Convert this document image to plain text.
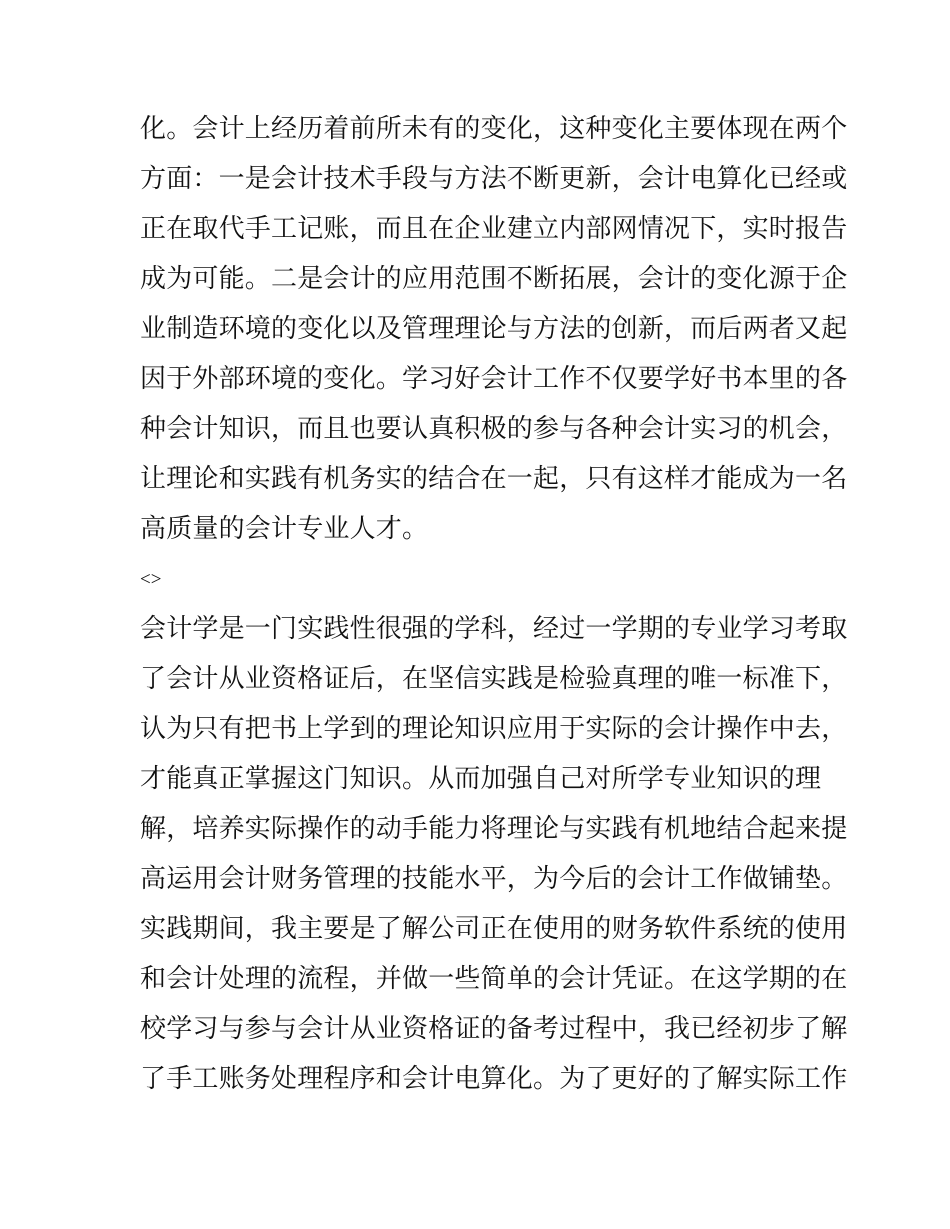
化。会计上经历着前所未有的变化，这种变化主要体现在两个
方面：一是会计技术手段与方法不断更新，会计电算化已经或
正在取代手工记账，而且在企业建立内部网情况下，实时报告
成为可能。二是会计的应用范围不断拓展，会计的变化源于企
业制造环境的变化以及管理理论与方法的创新，而后两者又起
因于外部环境的变化。学习好会计工作不仅要学好书本里的各
种会计知识，而且也要认真积极的参与各种会计实习的机会，
让理论和实践有机务实的结合在一起，只有这样才能成为一名
高质量的会计专业人才。
<>
会计学是一门实践性很强的学科，经过一学期的专业学习考取
了会计从业资格证后，在坚信实践是检验真理的唯一标准下，
认为只有把书上学到的理论知识应用于实际的会计操作中去，
才能真正掌握这门知识。从而加强自己对所学专业知识的理
解，培养实际操作的动手能力将理论与实践有机地结合起来提
高运用会计财务管理的技能水平，为今后的会计工作做铺垫。
实践期间，我主要是了解公司正在使用的财务软件系统的使用
和会计处理的流程，并做一些简单的会计凭证。在这学期的在
校学习与参与会计从业资格证的备考过程中，我已经初步了解
了手工账务处理程序和会计电算化。为了更好的了解实际工作
